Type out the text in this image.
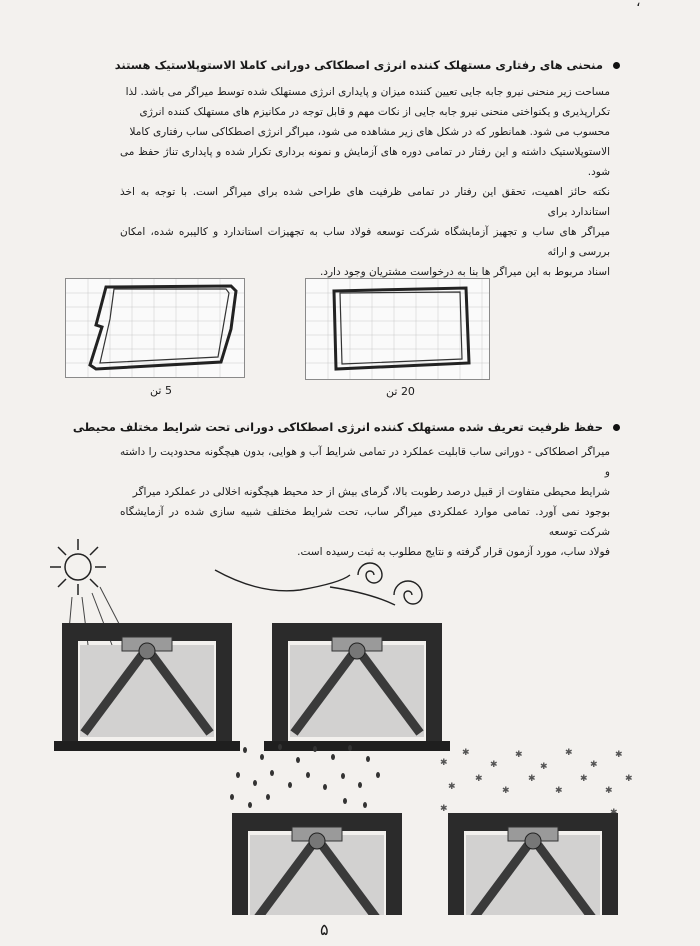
،
منحنی های رفتاری مستهلک کننده انرژی اصطکاکی دورانی کاملا الاستوپلاستیک هستند
مساحت زیر منحنی نیرو جابه جایی تعیین کننده میزان و پایداری انرژی مستهلک شده توسط میراگر می باشد. لذا
تکرارپذیری و یکنواختی منحنی نیرو جابه جایی از نکات مهم و قابل توجه در مکانیزم های مستهلک کننده انرژی
محسوب می شود. همانطور که در شکل های زیر مشاهده می شود، میراگر انرژی اصطکاکی ساب رفتاری کاملا
الاستوپلاستیک داشته و این رفتار در تمامی دوره های آزمایش و نمونه برداری تکرار شده و پایداری تناژ حفظ می شود.
نکته حائز اهمیت، تحقق این رفتار در تمامی ظرفیت های طراحی شده برای میراگر است. با توجه به اخذ استاندارد برای
میراگر های ساب و تجهیز آزمایشگاه شرکت توسعه فولاد ساب به تجهیزات استاندارد و کالیبره شده، امکان بررسی و ارائه
اسناد مربوط به این میراگر ها بنا به درخواست مشتریان وجود دارد.
5 تن	20 تن
حفظ ظرفیت تعریف شده مستهلک کننده انرژی اصطکاکی دورانی تحت شرایط مختلف محیطی
میراگر اصطکاکی - دورانی ساب قابلیت عملکرد در تمامی شرایط آب و هوایی، بدون هیچگونه محدودیت را داشته و
شرایط محیطی متفاوت از قبیل درصد رطوبت بالا، گرمای بیش از حد محیط هیچگونه اخلالی در عملکرد میراگر
بوجود نمی آورد. تمامی موارد عملکردی میراگر ساب، تحت شرایط مختلف شبیه سازی شده در آزمایشگاه شرکت توسعه
فولاد ساب، مورد آزمون قرار گرفته و نتایج مطلوب به ثبت رسیده است.
✱
✱
✱
✱
✱
✱
✱
✱
✱
✱
✱
✱
✱
✱
✱
✱
✱
۵
